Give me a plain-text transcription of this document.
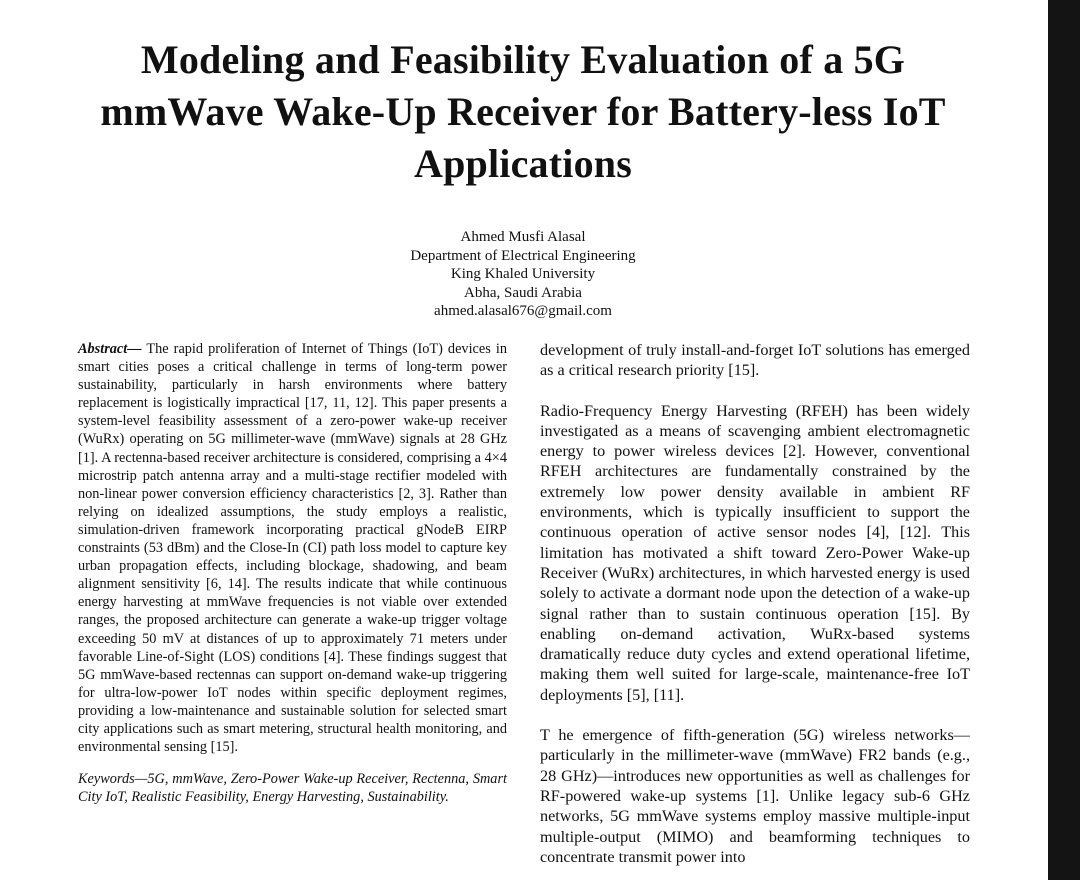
Modeling and Feasibility Evaluation of a 5G
mmWave Wake-Up Receiver for Battery-less IoT
Applications
Ahmed Musfi Alasal
Department of Electrical Engineering
King Khaled University
Abha, Saudi Arabia
ahmed.alasal676@gmail.com

Abstract— The rapid proliferation of Internet of Things (IoT) devices in smart cities poses a critical challenge in terms of long-term power sustainability, particularly in harsh environments where battery replacement is logistically impractical [17, 11, 12]. This paper presents a system-level feasibility assessment of a zero-power wake-up receiver (WuRx) operating on 5G millimeter-wave (mmWave) signals at 28 GHz [1]. A rectenna-based receiver architecture is considered, comprising a 4×4 microstrip patch antenna array and a multi-stage rectifier modeled with non-linear power conversion efficiency characteristics [2, 3]. Rather than relying on idealized assumptions, the study employs a realistic, simulation-driven framework incorporating practical gNodeB EIRP constraints (53 dBm) and the Close-In (CI) path loss model to capture key urban propagation effects, including blockage, shadowing, and beam alignment sensitivity [6, 14]. The results indicate that while continuous energy harvesting at mmWave frequencies is not viable over extended ranges, the proposed architecture can generate a wake-up trigger voltage exceeding 50 mV at distances of up to approximately 71 meters under favorable Line-of-Sight (LOS) conditions [4]. These findings suggest that 5G mmWave-based rectennas can support on-demand wake-up triggering for ultra-low-power IoT nodes within specific deployment regimes, providing a low-maintenance and sustainable solution for selected smart city applications such as smart metering, structural health monitoring, and environmental sensing [15].

Keywords—5G, mmWave, Zero-Power Wake-up Receiver, Rectenna, Smart City IoT, Realistic Feasibility, Energy Harvesting, Sustainability.

development of truly install-and-forget IoT solutions has emerged as a critical research priority [15].

Radio-Frequency Energy Harvesting (RFEH) has been widely investigated as a means of scavenging ambient electromagnetic energy to power wireless devices [2]. However, conventional RFEH architectures are fundamentally constrained by the extremely low power density available in ambient RF environments, which is typically insufficient to support the continuous operation of active sensor nodes [4], [12]. This limitation has motivated a shift toward Zero-Power Wake-up Receiver (WuRx) architectures, in which harvested energy is used solely to activate a dormant node upon the detection of a wake-up signal rather than to sustain continuous operation [15]. By enabling on-demand activation, WuRx-based systems dramatically reduce duty cycles and extend operational lifetime, making them well suited for large-scale, maintenance-free IoT deployments [5], [11].

T he emergence of fifth-generation (5G) wireless networks—particularly in the millimeter-wave (mmWave) FR2 bands (e.g., 28 GHz)—introduces new opportunities as well as challenges for RF-powered wake-up systems [1]. Unlike legacy sub-6 GHz networks, 5G mmWave systems employ massive multiple-input multiple-output (MIMO) and beamforming techniques to concentrate transmit power into
